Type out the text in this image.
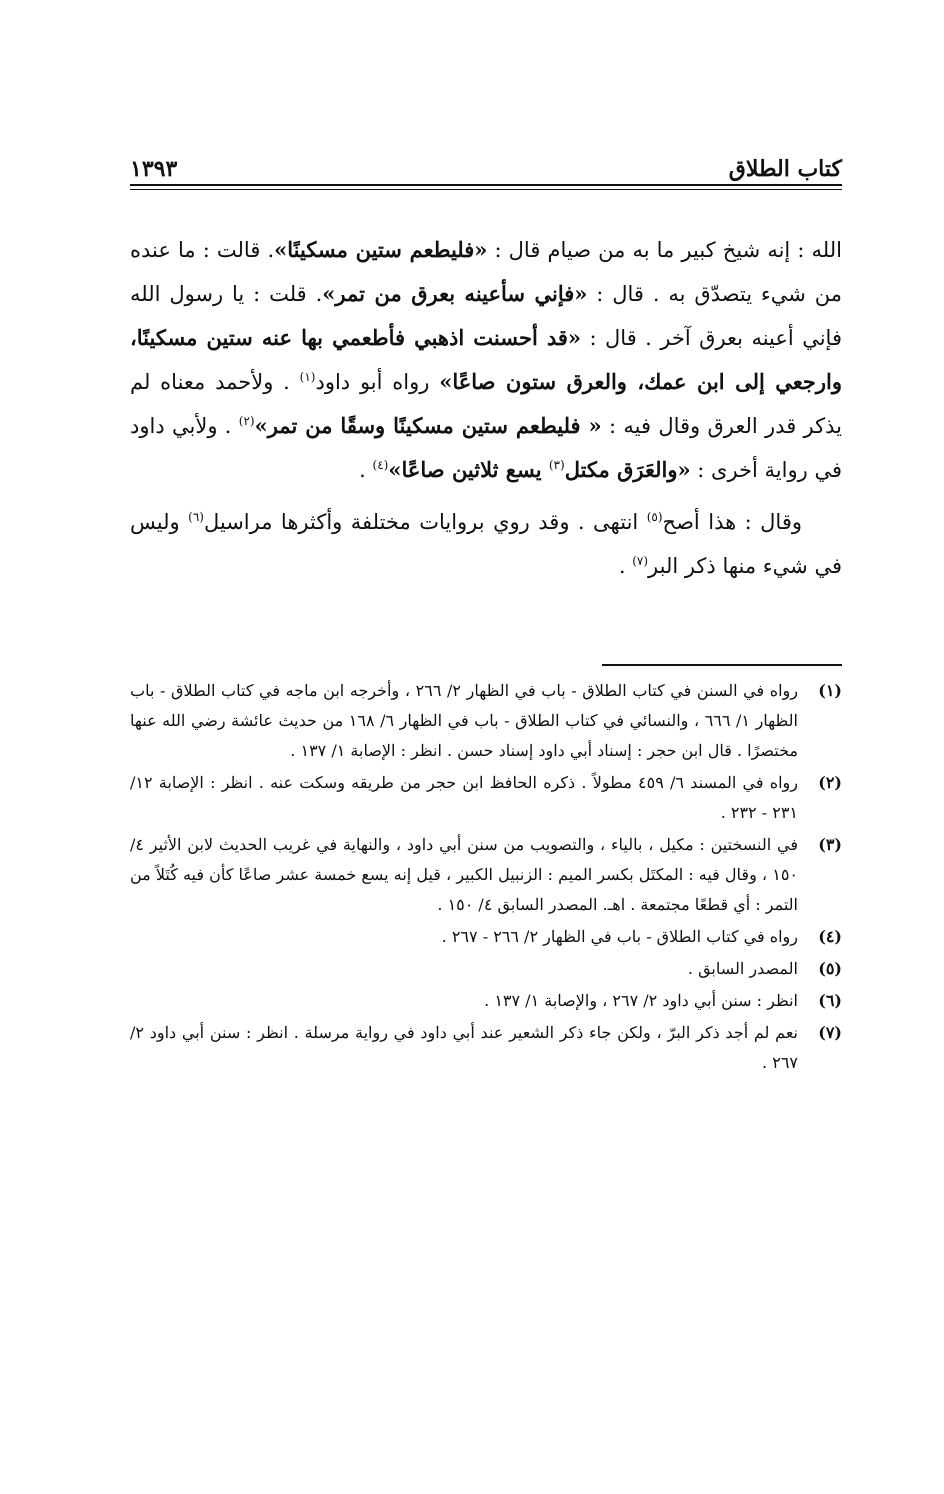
كتاب الطلاق
١٣٩٣

الله : إنه شيخ كبير ما به من صيام قال : «فليطعم ستين مسكينًا». قالت : ما عنده من شيء يتصدّق به . قال : «فإني سأعينه بعرق من تمر». قلت : يا رسول الله فإني أعينه بعرق آخر . قال : «قد أحسنت اذهبي فأطعمي بها عنه ستين مسكينًا، وارجعي إلى ابن عمك، والعرق ستون صاعًا» رواه أبو داود$^{(١)}$ . ولأحمد معناه لم يذكر قدر العرق وقال فيه : « فليطعم ستين مسكينًا وسقًا من تمر»$^{(٢)}$ . ولأبي داود في رواية أخرى : «والعَرَق مكتل$^{(٣)}$ يسع ثلاثين صاعًا»$^{(٤)}$ .

وقال : هذا أصح$^{(٥)}$ انتهى . وقد روي بروايات مختلفة وأكثرها مراسيل$^{(٦)}$ وليس في شيء منها ذكر البر$^{(٧)}$ .

(١)
رواه في السنن في كتاب الطلاق - باب في الظهار ٢/ ٢٦٦ ، وأخرجه ابن ماجه في كتاب الطلاق - باب الظهار ١/ ٦٦٦ ، والنسائي في كتاب الطلاق - باب في الظهار ٦/ ١٦٨ من حديث عائشة رضي الله عنها مختصرًا . قال ابن حجر : إسناد أبي داود إسناد حسن . انظر : الإصابة ١/ ١٣٧ .
(٢)
رواه في المسند ٦/ ٤٥٩ مطولاً . ذكره الحافظ ابن حجر من طريقه وسكت عنه . انظر : الإصابة ١٢/ ٢٣١ - ٢٣٢ .
(٣)
في النسختين : مكيل ، بالياء ، والتصويب من سنن أبي داود ، والنهاية في غريب الحديث لابن الأثير ٤/ ١٥٠ ، وقال فيه : المكتَل بكسر الميم : الزنبيل الكبير ، قيل إنه يسع خمسة عشر صاعًا كأن فيه كُتَلاً من التمر : أي قطعًا مجتمعة . اهـ. المصدر السابق ٤/ ١٥٠ .
(٤)
رواه في كتاب الطلاق - باب في الظهار ٢/ ٢٦٦ - ٢٦٧ .
(٥)
المصدر السابق .
(٦)
انظر : سنن أبي داود ٢/ ٢٦٧ ، والإصابة ١/ ١٣٧ .
(٧)
نعم لم أجد ذكر البرّ ، ولكن جاء ذكر الشعير عند أبي داود في رواية مرسلة . انظر : سنن أبي داود ٢/ ٢٦٧ .
